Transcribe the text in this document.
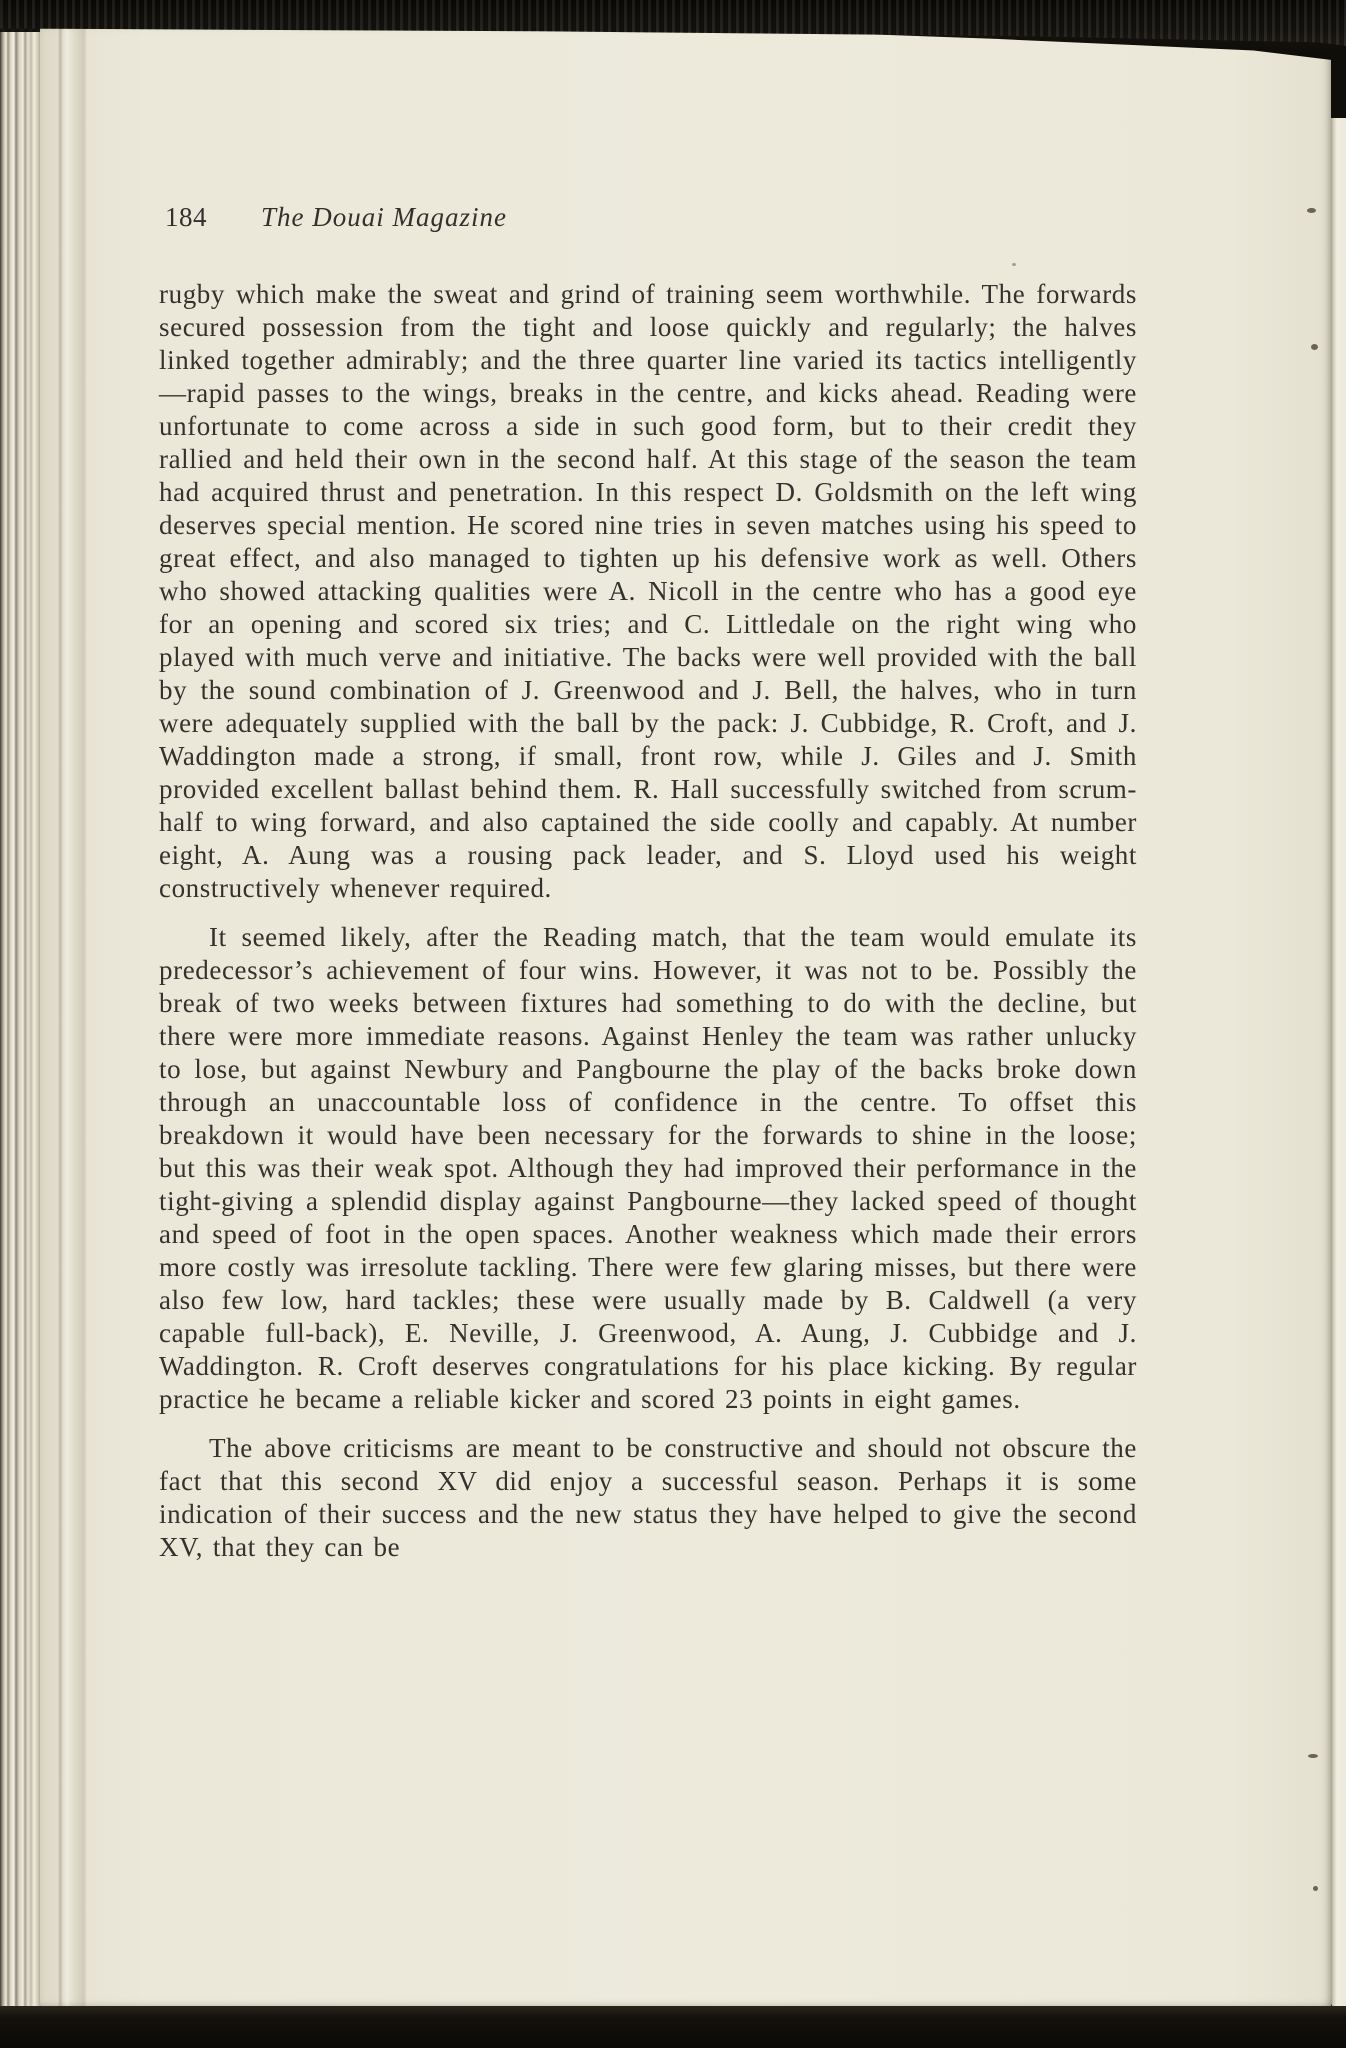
184 The Douai Magazine

rugby which make the sweat and grind of training seem worthwhile. The forwards secured possession from the tight and loose quickly and regularly; the halves linked together admirably; and the three quarter line varied its tactics intelligently—rapid passes to the wings, breaks in the centre, and kicks ahead. Reading were unfortunate to come across a side in such good form, but to their credit they rallied and held their own in the second half. At this stage of the season the team had acquired thrust and penetration. In this respect D. Goldsmith on the left wing deserves special mention. He scored nine tries in seven matches using his speed to great effect, and also managed to tighten up his defensive work as well. Others who showed attacking qualities were A. Nicoll in the centre who has a good eye for an opening and scored six tries; and C. Littledale on the right wing who played with much verve and initiative. The backs were well provided with the ball by the sound combination of J. Greenwood and J. Bell, the halves, who in turn were adequately supplied with the ball by the pack: J. Cubbidge, R. Croft, and J. Waddington made a strong, if small, front row, while J. Giles and J. Smith provided excellent ballast behind them. R. Hall successfully switched from scrum-half to wing forward, and also captained the side coolly and capably. At number eight, A. Aung was a rousing pack leader, and S. Lloyd used his weight constructively whenever required.

It seemed likely, after the Reading match, that the team would emulate its predecessor’s achievement of four wins. However, it was not to be. Possibly the break of two weeks between fixtures had something to do with the decline, but there were more immediate reasons. Against Henley the team was rather unlucky to lose, but against Newbury and Pangbourne the play of the backs broke down through an unaccountable loss of confidence in the centre. To offset this breakdown it would have been necessary for the forwards to shine in the loose; but this was their weak spot. Although they had improved their performance in the tight-giving a splendid display against Pangbourne—they lacked speed of thought and speed of foot in the open spaces. Another weakness which made their errors more costly was irresolute tackling. There were few glaring misses, but there were also few low, hard tackles; these were usually made by B. Caldwell (a very capable full-back), E. Neville, J. Greenwood, A. Aung, J. Cubbidge and J. Waddington. R. Croft deserves congratulations for his place kicking. By regular practice he became a reliable kicker and scored 23 points in eight games.

The above criticisms are meant to be constructive and should not obscure the fact that this second XV did enjoy a successful season. Perhaps it is some indication of their success and the new status they have helped to give the second XV, that they can be
